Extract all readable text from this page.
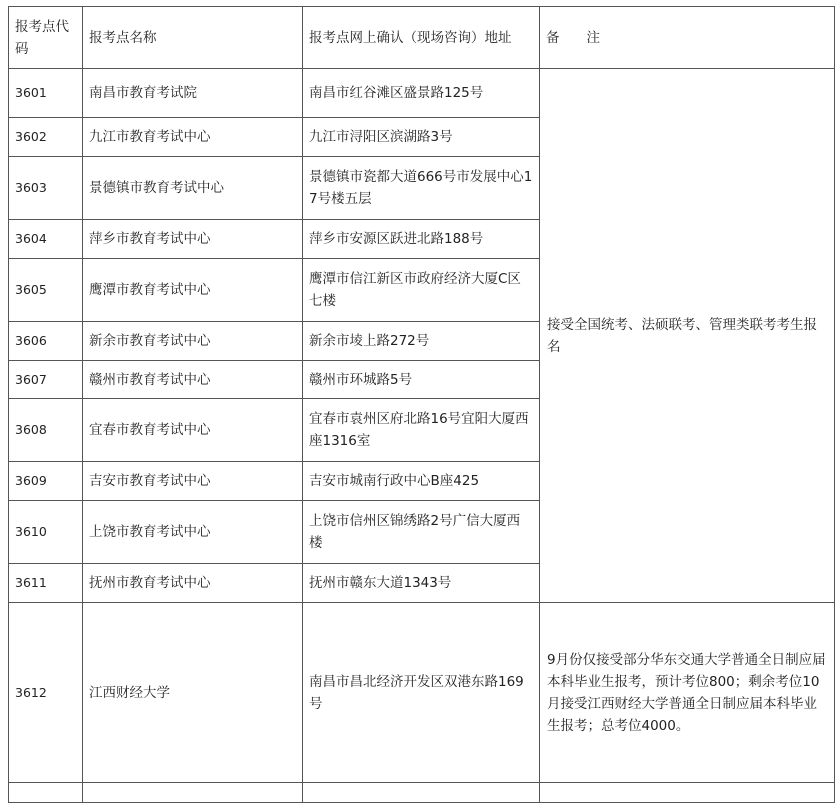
报考点代码	报考点名称	报考点网上确认（现场咨询）地址	备　　注
3601	南昌市教育考试院	南昌市红谷滩区盛景路125号	接受全国统考、法硕联考、管理类联考考生报名
3602	九江市教育考试中心	九江市浔阳区滨湖路3号	
3603	景德镇市教育考试中心	景德镇市瓷都大道666号市发展中心17号楼五层	
3604	萍乡市教育考试中心	萍乡市安源区跃进北路188号	
3605	鹰潭市教育考试中心	鹰潭市信江新区市政府经济大厦C区七楼	
3606	新余市教育考试中心	新余市堎上路272号	
3607	赣州市教育考试中心	赣州市环城路5号	
3608	宜春市教育考试中心	宜春市袁州区府北路16号宜阳大厦西座1316室	
3609	吉安市教育考试中心	吉安市城南行政中心B座425	
3610	上饶市教育考试中心	上饶市信州区锦绣路2号广信大厦西楼	
3611	抚州市教育考试中心	抚州市赣东大道1343号	
3612	江西财经大学	南昌市昌北经济开发区双港东路169号	9月份仅接受部分华东交通大学普通全日制应届本科毕业生报考，预计考位800；剩余考位10月接受江西财经大学普通全日制应届本科毕业生报考；总考位4000。
